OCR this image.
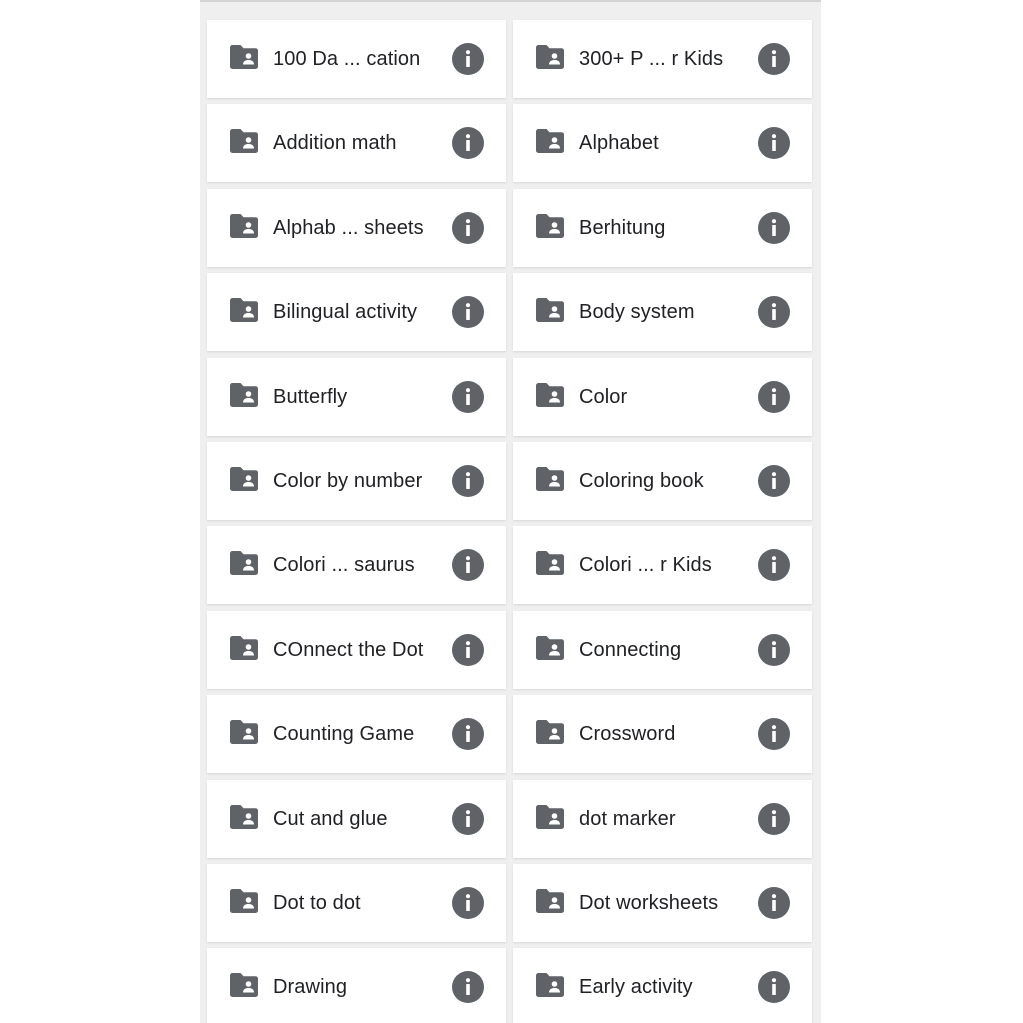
100 Da ... cation	300+ P ... r Kids
Addition math	Alphabet
Alphab ... sheets	Berhitung
Bilingual activity	Body system
Butterfly	Color
Color by number	Coloring book
Colori ... saurus	Colori ... r Kids
COnnect the Dot	Connecting
Counting Game	Crossword
Cut and glue	dot marker
Dot to dot	Dot worksheets
Drawing	Early activity
